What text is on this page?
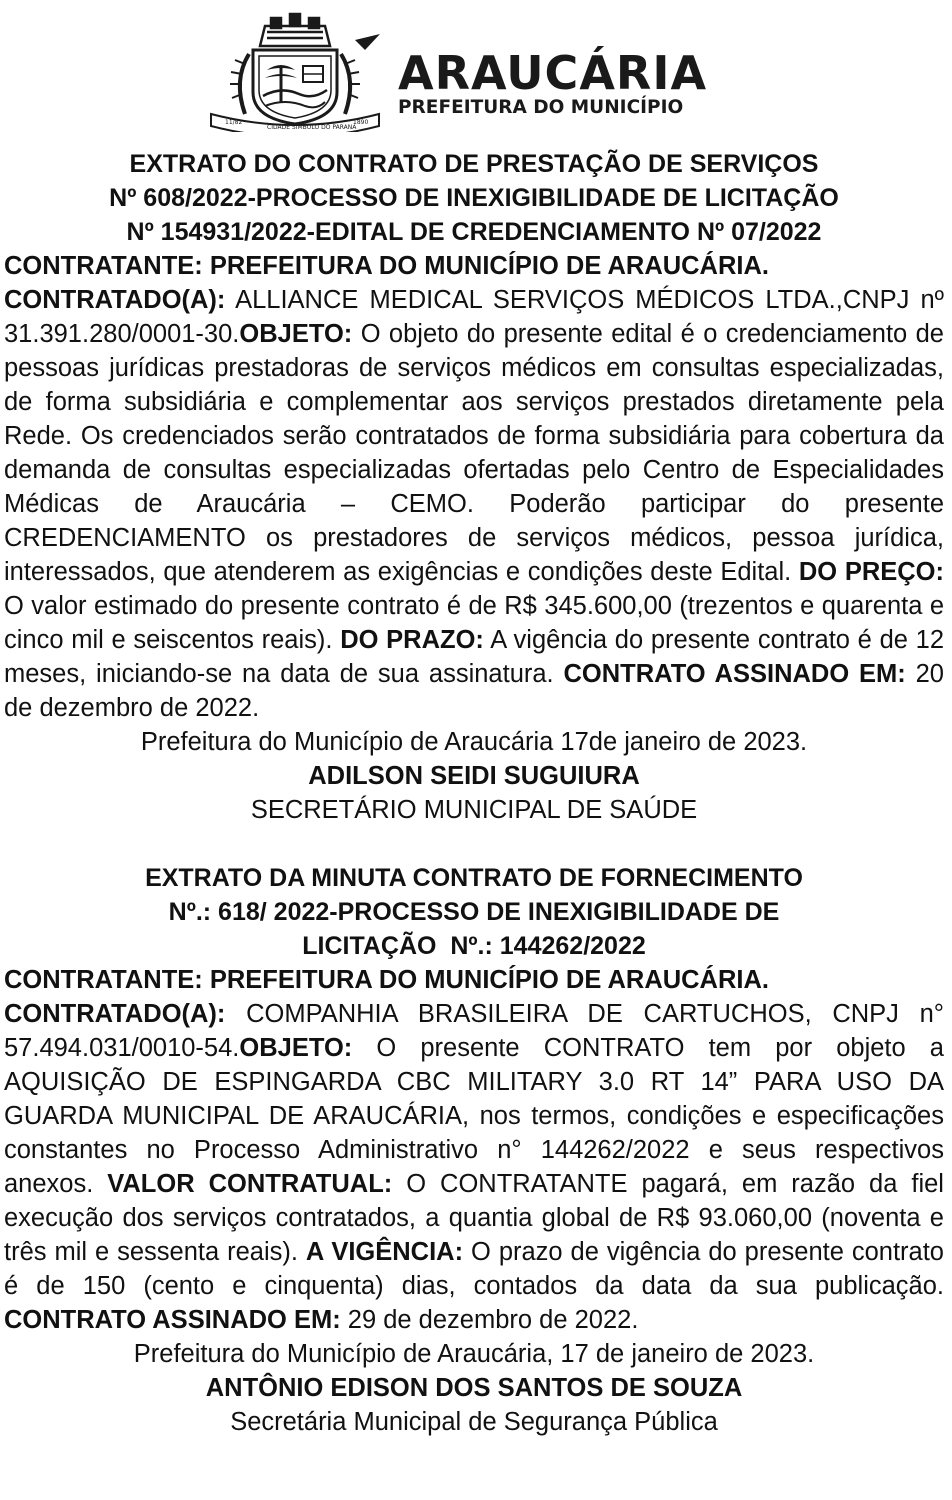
11/82
CIDADE SÍMBOLO DO PARANÁ
1890
ARAUCÁRIA
PREFEITURA DO MUNICÍPIO
EXTRATO DO CONTRATO DE PRESTAÇÃO DE SERVIÇOS
Nº 608/2022-PROCESSO DE INEXIGIBILIDADE DE LICITAÇÃO
Nº 154931/2022-EDITAL DE CREDENCIAMENTO Nº 07/2022
CONTRATANTE: PREFEITURA DO MUNICÍPIO DE ARAUCÁRIA.
CONTRATADO(A): ALLIANCE MEDICAL SERVIÇOS MÉDICOS LTDA.,CNPJ nº 31.391.280/0001-30.OBJETO: O objeto do presente edital é o credenciamento de pessoas jurídicas prestadoras de serviços médicos em consultas especializadas, de forma subsidiária e complementar aos serviços prestados diretamente pela Rede. Os credenciados serão contratados de forma subsidiária para cobertura da demanda de consultas especializadas ofertadas pelo Centro de Especialidades Médicas de Araucária – CEMO. Poderão participar do presente CREDENCIAMENTO os prestadores de serviços médicos, pessoa jurídica, interessados, que atenderem as exigências e condições deste Edital. DO PREÇO: O valor estimado do presente contrato é de R$ 345.600,00 (trezentos e quarenta e cinco mil e seiscentos reais). DO PRAZO: A vigência do presente contrato é de 12 meses, iniciando-se na data de sua assinatura. CONTRATO ASSINADO EM: 20 de dezembro de 2022.
Prefeitura do Município de Araucária 17de janeiro de 2023.
ADILSON SEIDI SUGUIURA
SECRETÁRIO MUNICIPAL DE SAÚDE
EXTRATO DA MINUTA CONTRATO DE FORNECIMENTO
Nº.: 618/ 2022-PROCESSO DE INEXIGIBILIDADE DE
LICITAÇÃO  Nº.: 144262/2022
CONTRATANTE: PREFEITURA DO MUNICÍPIO DE ARAUCÁRIA.
CONTRATADO(A): COMPANHIA BRASILEIRA DE CARTUCHOS, CNPJ n° 57.494.031/0010-54.OBJETO: O presente CONTRATO tem por objeto a AQUISIÇÃO DE ESPINGARDA CBC MILITARY 3.0 RT 14” PARA USO DA GUARDA MUNICIPAL DE ARAUCÁRIA, nos termos, condições e especificações constantes no Processo Administrativo n° 144262/2022 e seus respectivos anexos. VALOR CONTRATUAL: O CONTRATANTE pagará, em razão da fiel execução dos serviços contratados, a quantia global de R$ 93.060,00 (noventa e três mil e sessenta reais). A VIGÊNCIA: O prazo de vigência do presente contrato é de 150 (cento e cinquenta) dias, contados da data da sua publicação. CONTRATO ASSINADO EM: 29 de dezembro de 2022.
Prefeitura do Município de Araucária, 17 de janeiro de 2023.
ANTÔNIO EDISON DOS SANTOS DE SOUZA
Secretária Municipal de Segurança Pública
